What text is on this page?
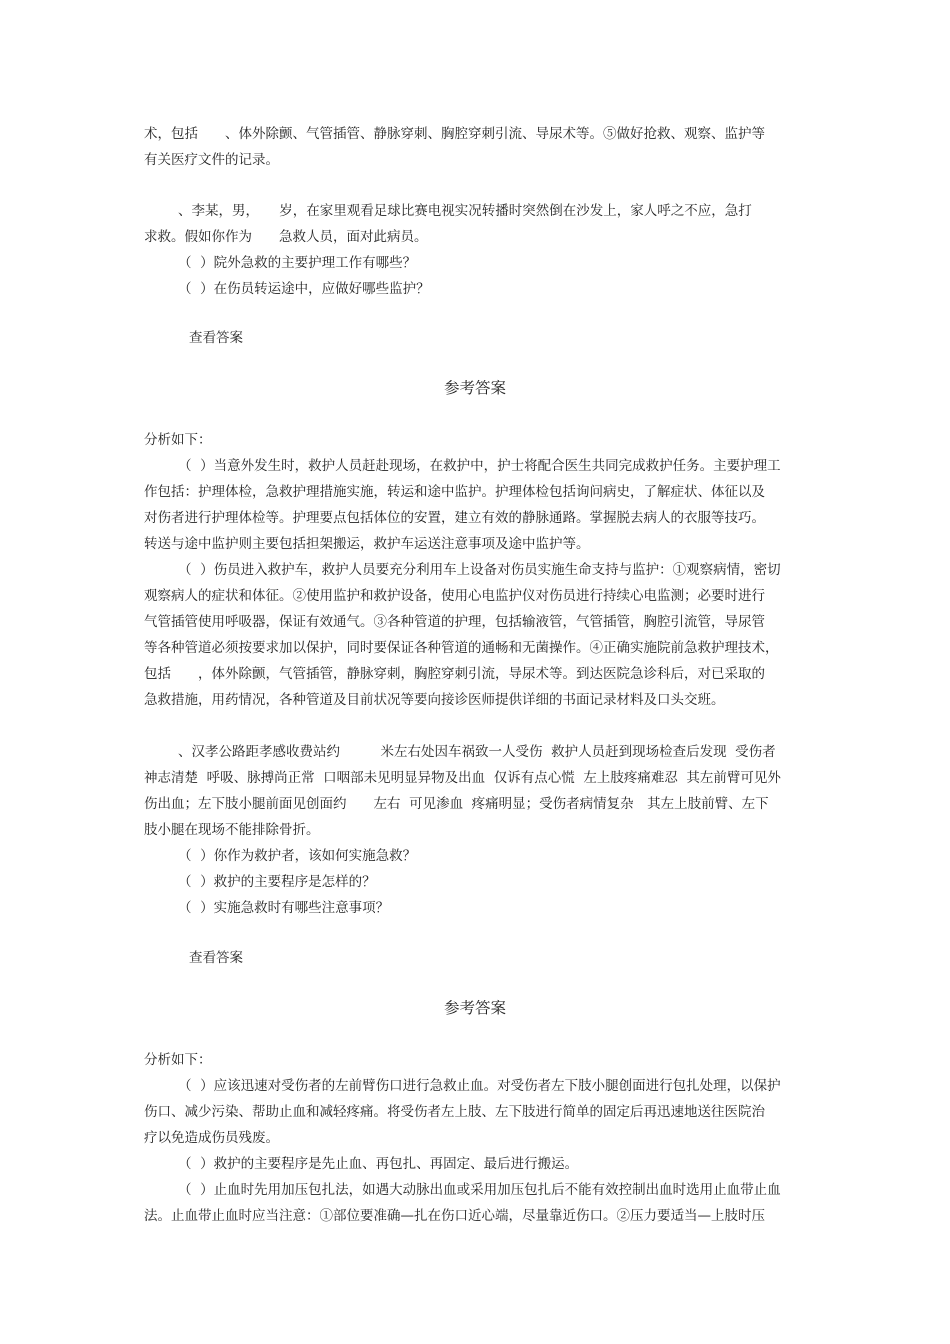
术，包括　　、体外除颤、气管插管、静脉穿刺、胸腔穿刺引流、导尿术等。⑤做好抢救、观察、监护等
有关医疗文件的记录。
、李某，男，　　岁，在家里观看足球比赛电视实况转播时突然倒在沙发上，家人呼之不应，急打
求救。假如你作为　　急救人员，面对此病员。
（  ）院外急救的主要护理工作有哪些？
（  ）在伤员转运途中，应做好哪些监护？
查看答案
参考答案
分析如下：
（  ）当意外发生时，救护人员赶赴现场，在救护中，护士将配合医生共同完成救护任务。主要护理工
作包括：护理体检，急救护理措施实施，转运和途中监护。护理体检包括询问病史，了解症状、体征以及
对伤者进行护理体检等。护理要点包括体位的安置，建立有效的静脉通路。掌握脱去病人的衣服等技巧。
转送与途中监护则主要包括担架搬运，救护车运送注意事项及途中监护等。
（  ）伤员进入救护车，救护人员要充分利用车上设备对伤员实施生命支持与监护：①观察病情，密切
观察病人的症状和体征。②使用监护和救护设备，使用心电监护仪对伤员进行持续心电监测；必要时进行
气管插管使用呼吸器，保证有效通气。③各种管道的护理，包括输液管，气管插管，胸腔引流管，导尿管
等各种管道必须按要求加以保护，同时要保证各种管道的通畅和无菌操作。④正确实施院前急救护理技术，
包括　　，体外除颤，气管插管，静脉穿刺，胸腔穿刺引流，导尿术等。到达医院急诊科后，对已采取的
急救措施，用药情况，各种管道及目前状况等要向接诊医师提供详细的书面记录材料及口头交班。
、汉孝公路距孝感收费站约　　　米左右处因车祸致一人受伤  救护人员赶到现场检查后发现  受伤者
神志清楚  呼吸、脉搏尚正常  口咽部未见明显异物及出血  仅诉有点心慌  左上肢疼痛难忍  其左前臂可见外
伤出血；左下肢小腿前面见创面约　　左右  可见渗血  疼痛明显；受伤者病情复杂　其左上肢前臂、左下
肢小腿在现场不能排除骨折。
（  ）你作为救护者，该如何实施急救？
（  ）救护的主要程序是怎样的？
（  ）实施急救时有哪些注意事项？
查看答案
参考答案
分析如下：
（  ）应该迅速对受伤者的左前臂伤口进行急救止血。对受伤者左下肢小腿创面进行包扎处理，以保护
伤口、减少污染、帮助止血和减轻疼痛。将受伤者左上肢、左下肢进行简单的固定后再迅速地送往医院治
疗以免造成伤员残废。
（  ）救护的主要程序是先止血、再包扎、再固定、最后进行搬运。
（  ）止血时先用加压包扎法，如遇大动脉出血或采用加压包扎后不能有效控制出血时选用止血带止血
法。止血带止血时应当注意：①部位要准确—扎在伤口近心端，尽量靠近伤口。②压力要适当—上肢时压
